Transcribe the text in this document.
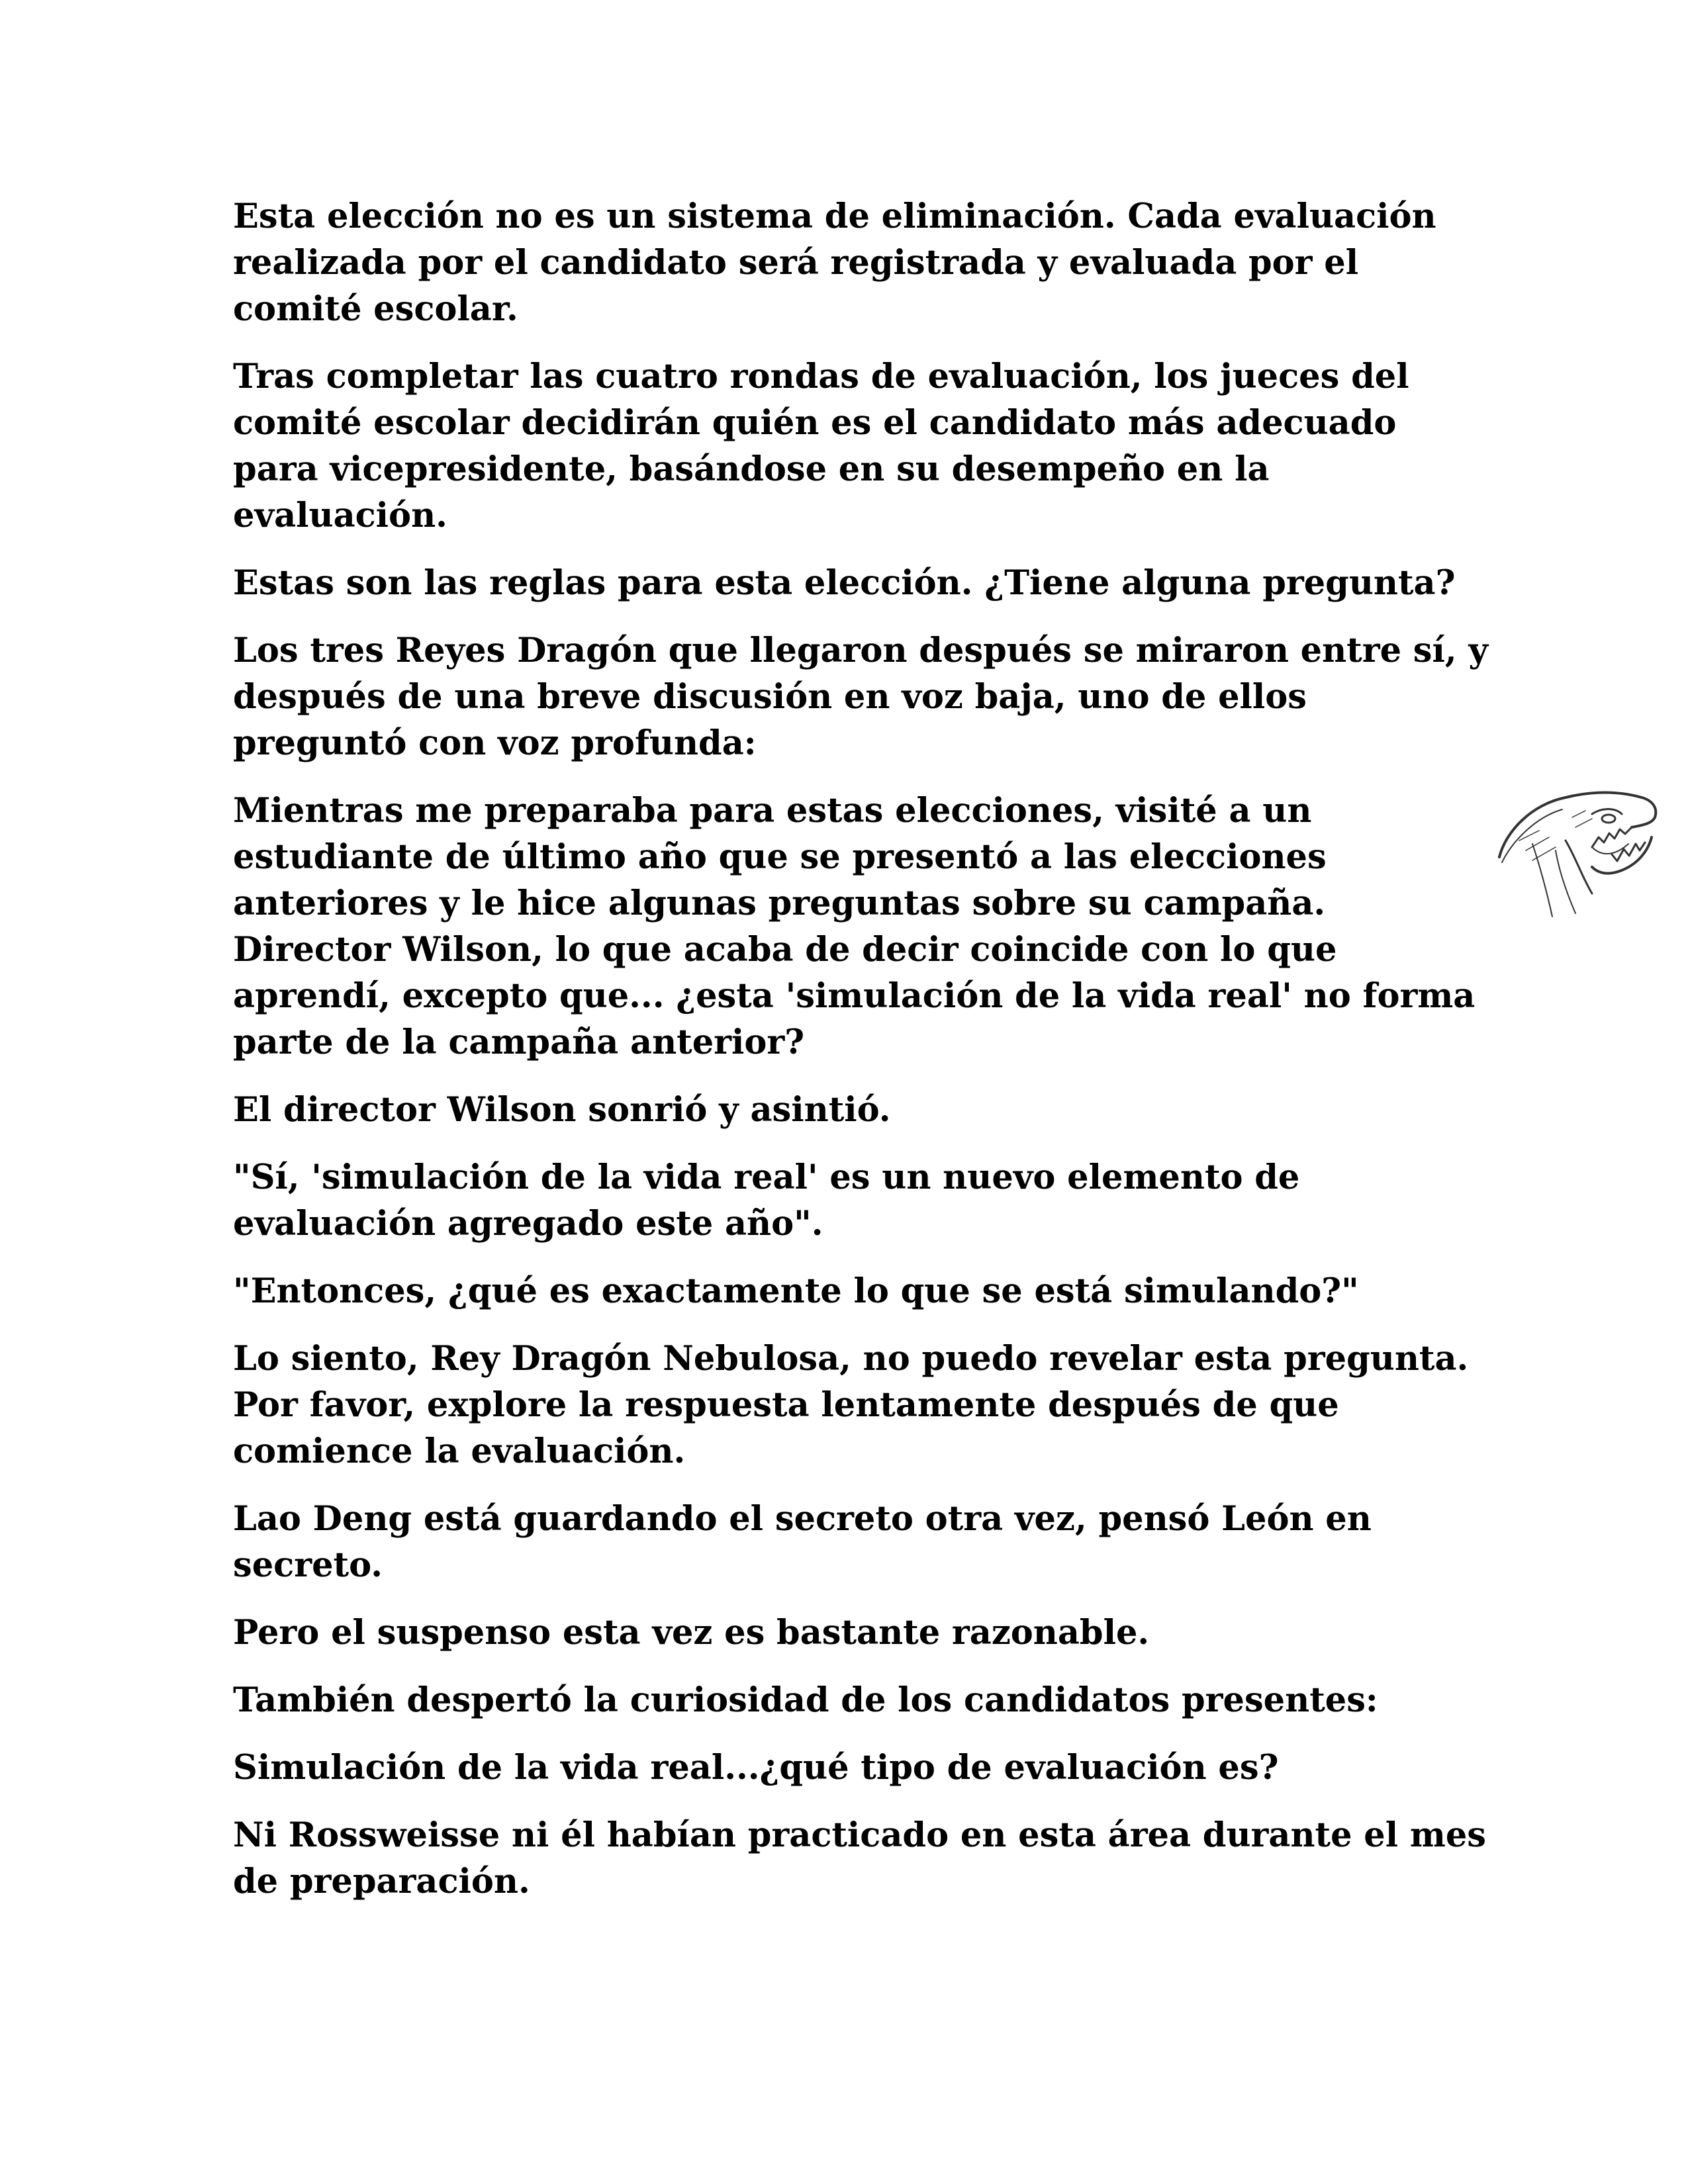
Esta elección no es un sistema de eliminación. Cada evaluación realizada por el candidato será registrada y evaluada por el comité escolar.

Tras completar las cuatro rondas de evaluación, los jueces del comité escolar decidirán quién es el candidato más adecuado para vicepresidente, basándose en su desempeño en la evaluación.

Estas son las reglas para esta elección. ¿Tiene alguna pregunta?

Los tres Reyes Dragón que llegaron después se miraron entre sí, y después de una breve discusión en voz baja, uno de ellos preguntó con voz profunda:

Mientras me preparaba para estas elecciones, visité a un estudiante de último año que se presentó a las elecciones anteriores y le hice algunas preguntas sobre su campaña. Director Wilson, lo que acaba de decir coincide con lo que aprendí, excepto que... ¿esta 'simulación de la vida real' no forma parte de la campaña anterior?

El director Wilson sonrió y asintió.

"Sí, 'simulación de la vida real' es un nuevo elemento de evaluación agregado este año".

"Entonces, ¿qué es exactamente lo que se está simulando?"

Lo siento, Rey Dragón Nebulosa, no puedo revelar esta pregunta. Por favor, explore la respuesta lentamente después de que comience la evaluación.

Lao Deng está guardando el secreto otra vez, pensó León en secreto.

Pero el suspenso esta vez es bastante razonable.

También despertó la curiosidad de los candidatos presentes:

Simulación de la vida real...¿qué tipo de evaluación es?

Ni Rossweisse ni él habían practicado en esta área durante el mes de preparación.
